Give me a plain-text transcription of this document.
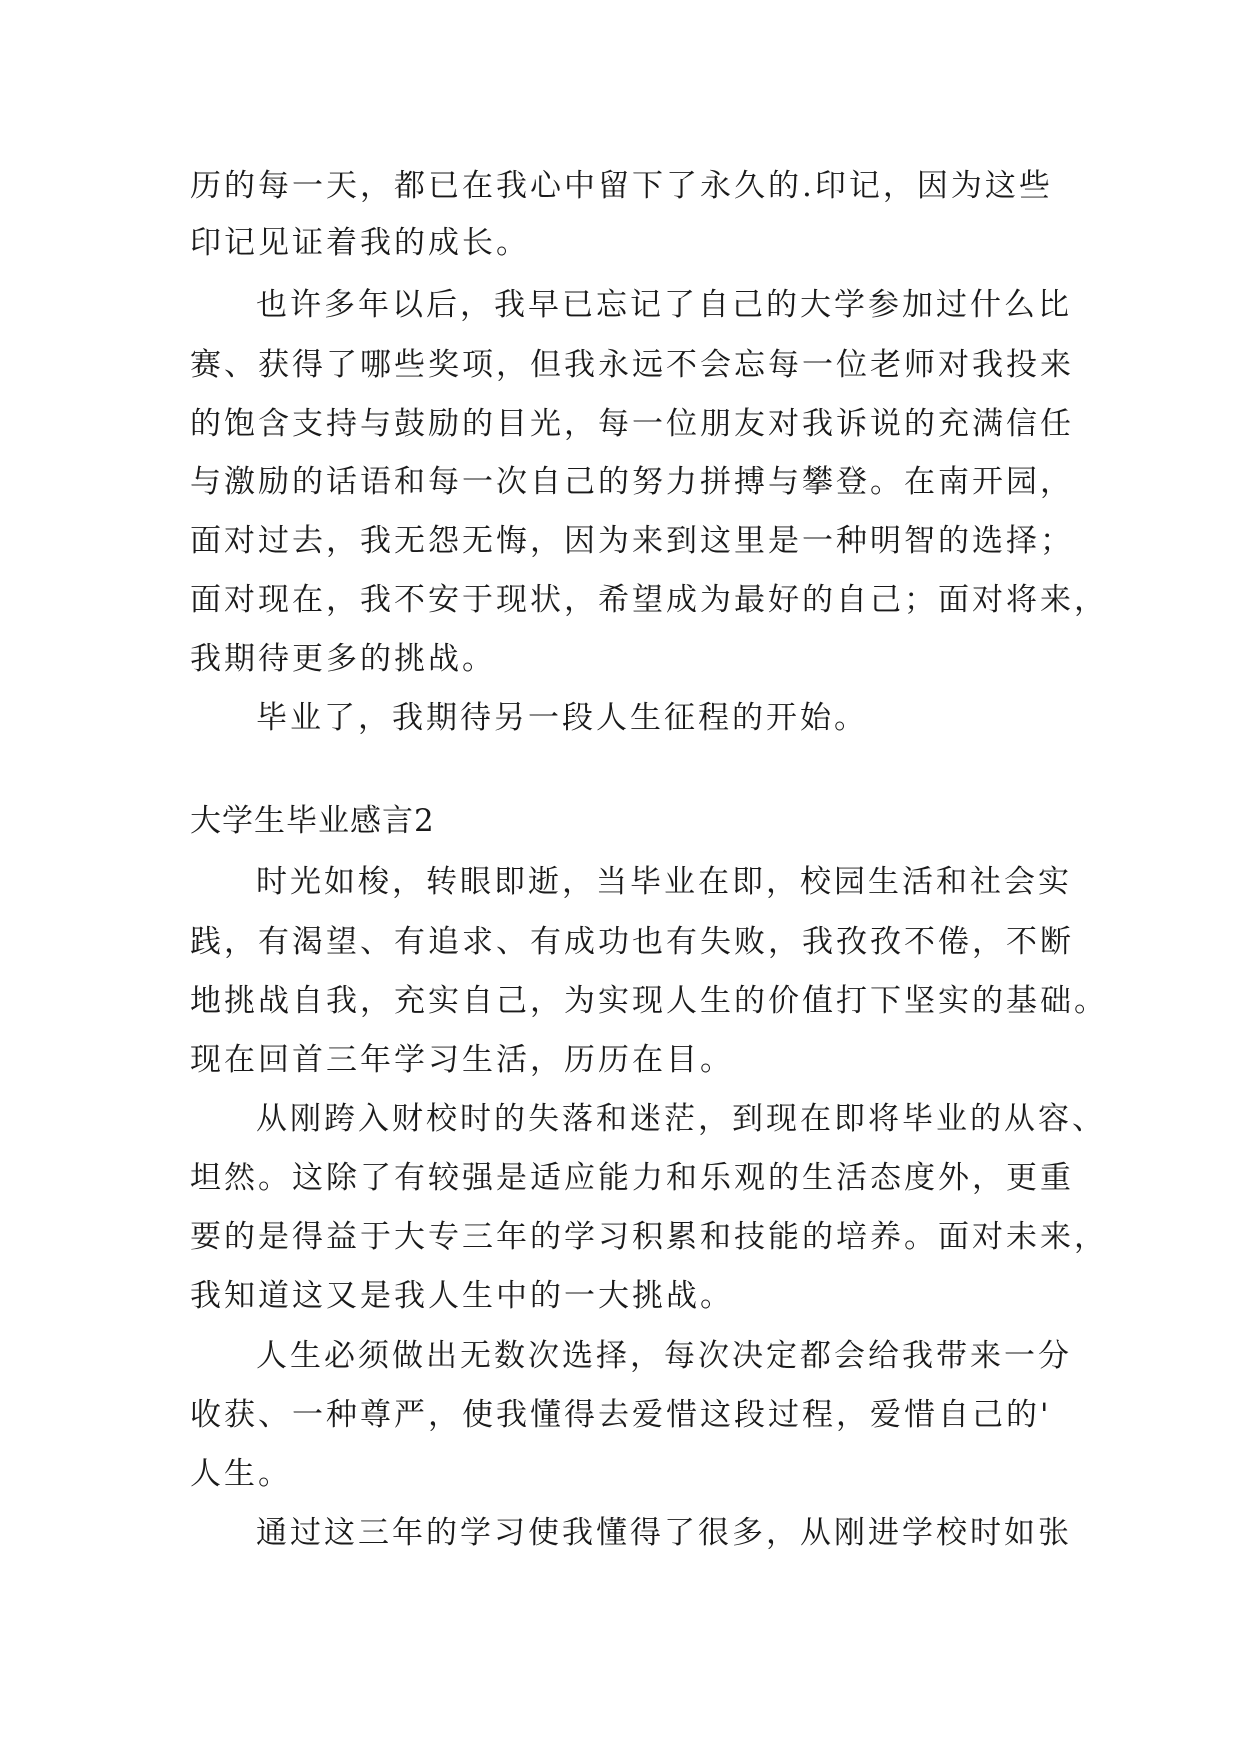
历的每一天，都已在我心中留下了永久的.印记，因为这些
印记见证着我的成长。
也许多年以后，我早已忘记了自己的大学参加过什么比
赛、获得了哪些奖项，但我永远不会忘每一位老师对我投来
的饱含支持与鼓励的目光，每一位朋友对我诉说的充满信任
与激励的话语和每一次自己的努力拼搏与攀登。在南开园，
面对过去，我无怨无悔，因为来到这里是一种明智的选择；
面对现在，我不安于现状，希望成为最好的自己；面对将来，
我期待更多的挑战。
毕业了，我期待另一段人生征程的开始。
大学生毕业感言2
时光如梭，转眼即逝，当毕业在即，校园生活和社会实
践，有渴望、有追求、有成功也有失败，我孜孜不倦，不断
地挑战自我，充实自己，为实现人生的价值打下坚实的基础。
现在回首三年学习生活，历历在目。
从刚跨入财校时的失落和迷茫，到现在即将毕业的从容、
坦然。这除了有较强是适应能力和乐观的生活态度外，更重
要的是得益于大专三年的学习积累和技能的培养。面对未来，
我知道这又是我人生中的一大挑战。
人生必须做出无数次选择，每次决定都会给我带来一分
收获、一种尊严，使我懂得去爱惜这段过程，爱惜自己的'
人生。
通过这三年的学习使我懂得了很多，从刚进学校时如张
